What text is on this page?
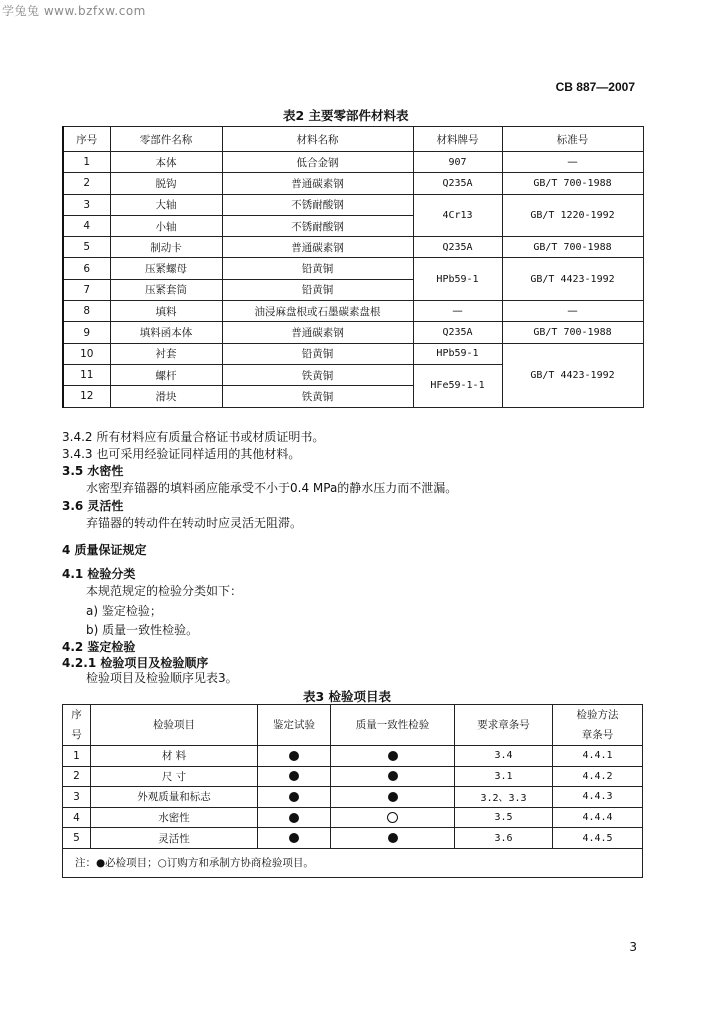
学兔兔 www.bzfxw.com
CB 887—2007
表2 主要零部件材料表
序号	零部件名称	材料名称	材料牌号	标准号
1	本体	低合金钢	907	—
2	脱钩	普通碳素钢	Q235A	GB/T 700-1988
3	大轴	不锈耐酸钢	4Cr13	GB/T 1220-1992
4	小轴	不锈耐酸钢		
5	制动卡	普通碳素钢	Q235A	GB/T 700-1988
6	压紧螺母	铅黄铜	HPb59-1	GB/T 4423-1992
7	压紧套筒	铅黄铜		
8	填料	油浸麻盘根或石墨碳素盘根	—	—
9	填料函本体	普通碳素钢	Q235A	GB/T 700-1988
10	衬套	铅黄铜	HPb59-1	GB/T 4423-1992
11	螺杆	铁黄铜	HFe59-1-1	
12	滑块	铁黄铜		
3.4.2 所有材料应有质量合格证书或材质证明书。
3.4.3 也可采用经验证同样适用的其他材料。
3.5 水密性
水密型弃锚器的填料函应能承受不小于0.4 MPa的静水压力而不泄漏。
3.6 灵活性
弃锚器的转动件在转动时应灵活无阻滞。
4 质量保证规定
4.1 检验分类
本规范规定的检验分类如下：
a) 鉴定检验；
b) 质量一致性检验。
4.2 鉴定检验
4.2.1 检验项目及检验顺序
检验项目及检验顺序见表3。
表3 检验项目表
序
号	检验项目	鉴定试验	质量一致性检验	要求章条号	检验方法
章条号
1	材 料			3.4	4.4.1
2	尺 寸			3.1	4.4.2
3	外观质量和标志			3.2、3.3	4.4.3
4	水密性			3.5	4.4.4
5	灵活性			3.6	4.4.5
注：●必检项目；○订购方和承制方协商检验项目。					
3
